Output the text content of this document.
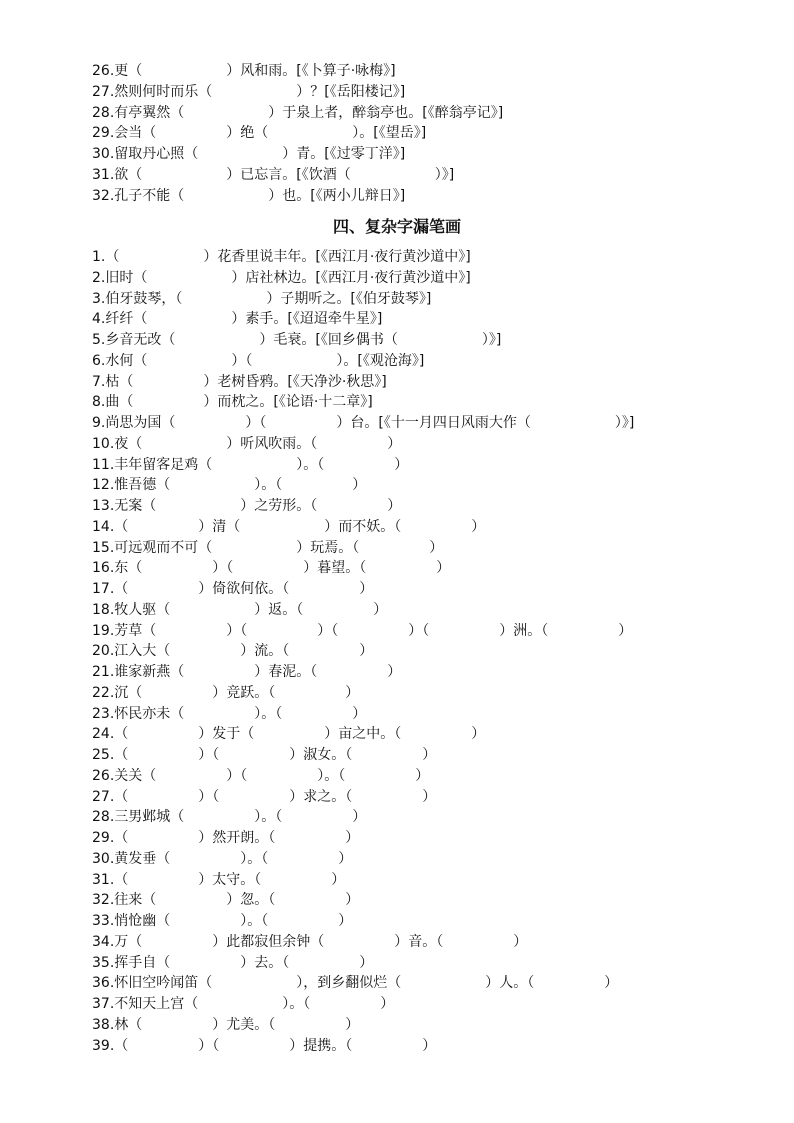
26.更（　　　　　　）风和雨。[《卜算子·咏梅》]
27.然则何时而乐（　　　　　　）？[《岳阳楼记》]
28.有亭翼然（　　　　　　）于泉上者，醉翁亭也。[《醉翁亭记》]
29.会当（　　　　　）绝（　　　　　　）。[《望岳》]
30.留取丹心照（　　　　　　）青。[《过零丁洋》]
31.欲（　　　　　　）已忘言。[《饮酒（　　　　　　）》]
32.孔子不能（　　　　　　）也。[《两小儿辩日》]
四、复杂字漏笔画
1.（　　　　　　）花香里说丰年。[《西江月·夜行黄沙道中》]
2.旧时（　　　　　　）店社林边。[《西江月·夜行黄沙道中》]
3.伯牙鼓琴，（　　　　　　）子期听之。[《伯牙鼓琴》]
4.纤纤（　　　　　　）素手。[《迢迢牵牛星》]
5.乡音无改（　　　　　　）毛衰。[《回乡偶书（　　　　　　）》]
6.水何（　　　　　　）（　　　　　　）。[《观沧海》]
7.枯（　　　　　）老树昏鸦。[《天净沙·秋思》]
8.曲（　　　　　）而枕之。[《论语·十二章》]
9.尚思为国（　　　　　）（　　　　　）台。[《十一月四日风雨大作（　　　　　　）》]
10.夜（　　　　　　）听风吹雨。（　　　　　）
11.丰年留客足鸡（　　　　　　）。（　　　　　）
12.惟吾德（　　　　　　）。（　　　　　）
13.无案（　　　　　　）之劳形。（　　　　　）
14.（　　　　　）清（　　　　　　）而不妖。（　　　　　）
15.可远观而不可（　　　　　　）玩焉。（　　　　　）
16.东（　　　　　）（　　　　　）暮望。（　　　　　）
17.（　　　　　）倚欲何依。（　　　　　）
18.牧人驱（　　　　　　）返。（　　　　　）
19.芳草（　　　　　）（　　　　　）（　　　　　）（　　　　　）洲。（　　　　　）
20.江入大（　　　　　）流。（　　　　　）
21.谁家新燕（　　　　　）春泥。（　　　　　）
22.沉（　　　　　）竞跃。（　　　　　）
23.怀民亦未（　　　　　）。（　　　　　）
24.（　　　　　）发于（　　　　　）亩之中。（　　　　　）
25.（　　　　　）（　　　　　）淑女。（　　　　　）
26.关关（　　　　　）（　　　　　）。（　　　　　）
27.（　　　　　）（　　　　　）求之。（　　　　　）
28.三男邺城（　　　　　）。（　　　　　）
29.（　　　　　）然开朗。（　　　　　）
30.黄发垂（　　　　　）。（　　　　　）
31.（　　　　　）太守。（　　　　　）
32.往来（　　　　　）忽。（　　　　　）
33.悄怆幽（　　　　　）。（　　　　　）
34.万（　　　　　）此都寂但余钟（　　　　　）音。（　　　　　）
35.挥手自（　　　　　）去。（　　　　　）
36.怀旧空吟闻笛（　　　　　　），到乡翻似烂（　　　　　　）人。（　　　　　）
37.不知天上宫（　　　　　　）。（　　　　　）
38.林（　　　　　）尤美。（　　　　　）
39.（　　　　　）（　　　　　）提携。（　　　　　）
